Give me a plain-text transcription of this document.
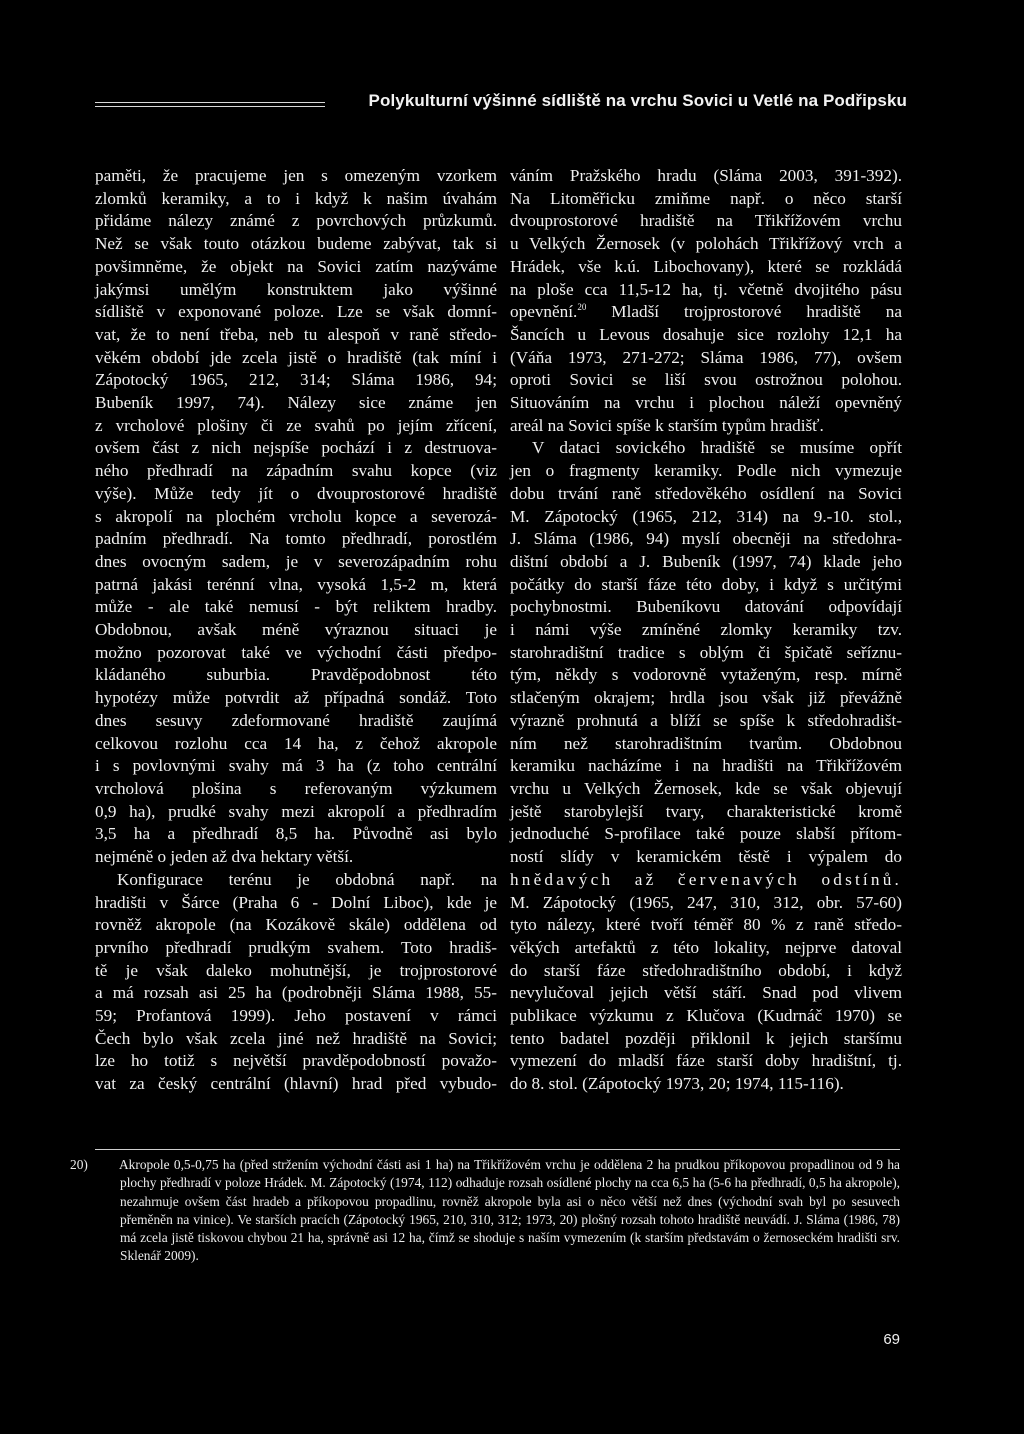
Polykulturní výšinné sídliště na vrchu Sovici u Vetlé na Podřipsku

paměti, že pracujeme jen s omezeným vzorkem

zlomků keramiky, a to i když k našim úvahám

přidáme nálezy známé z povrchových průzkumů.

Než se však touto otázkou budeme zabývat, tak si

povšimněme, že objekt na Sovici zatím nazýváme

jakýmsi umělým konstruktem jako výšinné

sídliště v exponované poloze. Lze se však domní-

vat, že to není třeba, neb tu alespoň v raně středo-

věkém období jde zcela jistě o hradiště (tak míní i

Zápotocký 1965, 212, 314; Sláma 1986, 94;

Bubeník 1997, 74). Nálezy sice známe jen

z vrcholové plošiny či ze svahů po jejím zřícení,

ovšem část z nich nejspíše pochází i z destruova-

ného předhradí na západním svahu kopce (viz

výše). Může tedy jít o dvouprostorové hradiště

s akropolí na plochém vrcholu kopce a severozá-

padním předhradí. Na tomto předhradí, porostlém

dnes ovocným sadem, je v severozápadním rohu

patrná jakási terénní vlna, vysoká 1,5-2 m, která

může - ale také nemusí - být reliktem hradby.

Obdobnou, avšak méně výraznou situaci je

možno pozorovat také ve východní části předpo-

kládaného suburbia. Pravděpodobnost této

hypotézy může potvrdit až případná sondáž. Toto

dnes sesuvy zdeformované hradiště zaujímá

celkovou rozlohu cca 14 ha, z čehož akropole

i s povlovnými svahy má 3 ha (z toho centrální

vrcholová plošina s referovaným výzkumem

0,9 ha), prudké svahy mezi akropolí a předhradím

3,5 ha a předhradí 8,5 ha. Původně asi bylo

nejméně o jeden až dva hektary větší.

Konfigurace terénu je obdobná např. na

hradišti v Šárce (Praha 6 - Dolní Liboc), kde je

rovněž akropole (na Kozákově skále) oddělena od

prvního předhradí prudkým svahem. Toto hradiš-

tě je však daleko mohutnější, je trojprostorové

a má rozsah asi 25 ha (podrobněji Sláma 1988, 55-

59; Profantová 1999). Jeho postavení v rámci

Čech bylo však zcela jiné než hradiště na Sovici;

lze ho totiž s největší pravděpodobností považo-

vat za český centrální (hlavní) hrad před vybudo-

váním Pražského hradu (Sláma 2003, 391-392).

Na Litoměřicku zmiňme např. o něco starší

dvouprostorové hradiště na Třikřížovém vrchu

u Velkých Žernosek (v polohách Třikřížový vrch a

Hrádek, vše k.ú. Libochovany), které se rozkládá

na ploše cca 11,5-12 ha, tj. včetně dvojitého pásu

opevnění.$^{20}$ Mladší trojprostorové hradiště na

Šancích u Levous dosahuje sice rozlohy 12,1 ha

(Váňa 1973, 271-272; Sláma 1986, 77), ovšem

oproti Sovici se liší svou ostrožnou polohou.

Situováním na vrchu i plochou náleží opevněný

areál na Sovici spíše k starším typům hradišť.

V dataci sovického hradiště se musíme opřít

jen o fragmenty keramiky. Podle nich vymezuje

dobu trvání raně středověkého osídlení na Sovici

M. Zápotocký (1965, 212, 314) na 9.-10. stol.,

J. Sláma (1986, 94) myslí obecněji na středohra-

dištní období a J. Bubeník (1997, 74) klade jeho

počátky do starší fáze této doby, i když s určitými

pochybnostmi. Bubeníkovu datování odpovídají

i námi výše zmíněné zlomky keramiky tzv.

starohradištní tradice s oblým či špičatě seříznu-

tým, někdy s vodorovně vytaženým, resp. mírně

stlačeným okrajem; hrdla jsou však již převážně

výrazně prohnutá a blíží se spíše k středohradišt-

ním než starohradištním tvarům. Obdobnou

keramiku nacházíme i na hradišti na Třikřížovém

vrchu u Velkých Žernosek, kde se však objevují

ještě starobylejší tvary, charakteristické kromě

jednoduché S-profilace také pouze slabší přítom-

ností slídy v keramickém těstě i výpalem do

hnědavých až červenavých odstínů.

M. Zápotocký (1965, 247, 310, 312, obr. 57-60)

tyto nálezy, které tvoří téměř 80 % z raně středo-

věkých artefaktů z této lokality, nejprve datoval

do starší fáze středohradištního období, i když

nevylučoval jejich větší stáří. Snad pod vlivem

publikace výzkumu z Klučova (Kudrnáč 1970) se

tento badatel později přiklonil k jejich staršímu

vymezení do mladší fáze starší doby hradištní, tj.

do 8. stol. (Zápotocký 1973, 20; 1974, 115-116).

20) Akropole 0,5-0,75 ha (před stržením východní části asi 1 ha) na Třikřížovém vrchu je oddělena 2 ha prudkou příkopovou propadlinou od 9 ha plochy předhradí v poloze Hrádek. M. Zápotocký (1974, 112) odhaduje rozsah osídlené plochy na cca 6,5 ha (5-6 ha předhradí, 0,5 ha akropole), nezahrnuje ovšem část hradeb a příkopovou propadlinu, rovněž akropole byla asi o něco větší než dnes (východní svah byl po sesuvech přeměněn na vinice). Ve starších pracích (Zápotocký 1965, 210, 310, 312; 1973, 20) plošný rozsah tohoto hradiště neuvádí. J. Sláma (1986, 78) má zcela jistě tiskovou chybou 21 ha, správně asi 12 ha, čímž se shoduje s naším vymezením (k starším představám o žernoseckém hradišti srv. Sklenář 2009).

69
